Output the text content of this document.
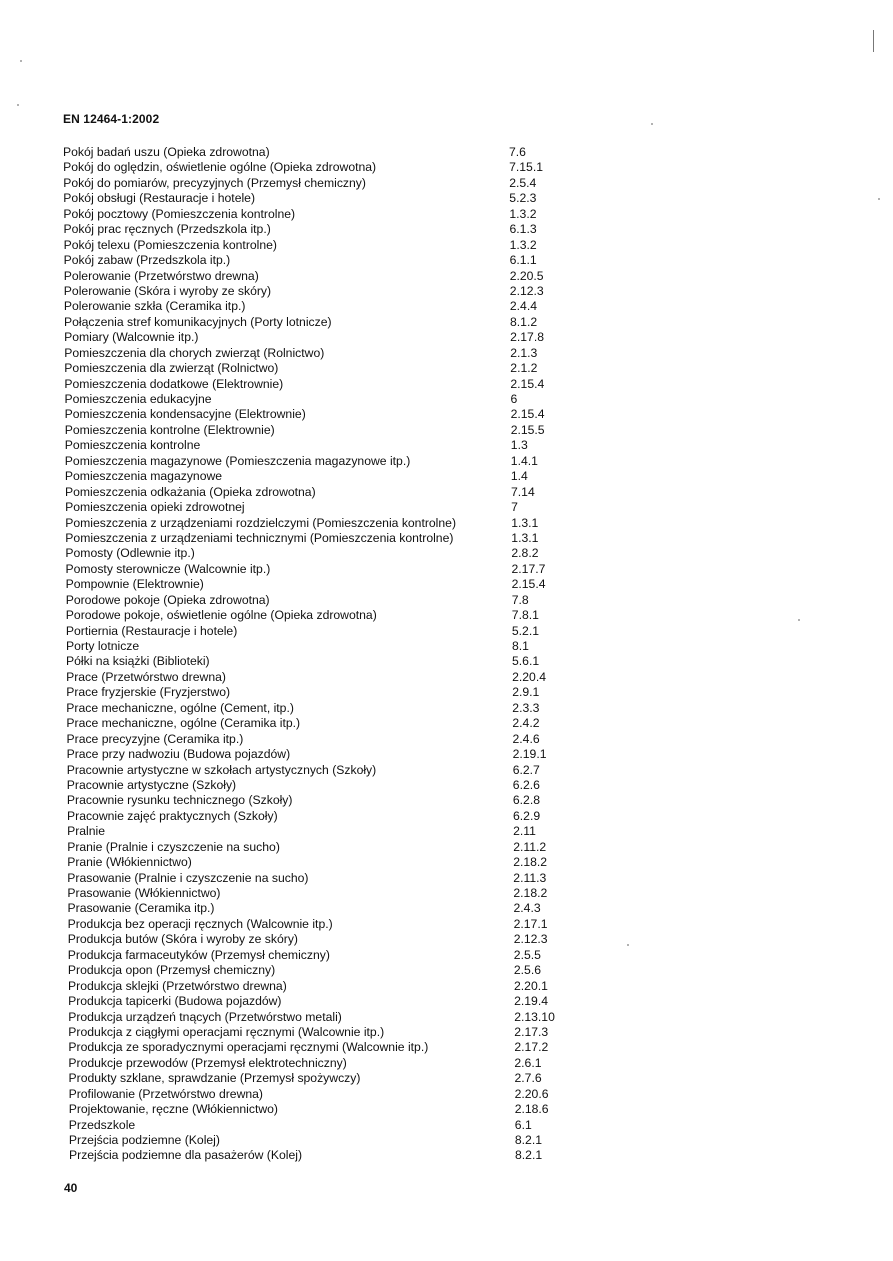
EN 12464-1:2002
Pokój badań uszu (Opieka zdrowotna)	7.6
Pokój do oględzin, oświetlenie ogólne (Opieka zdrowotna)	7.15.1
Pokój do pomiarów, precyzyjnych (Przemysł chemiczny)	2.5.4
Pokój obsługi (Restauracje i hotele)	5.2.3
Pokój pocztowy (Pomieszczenia kontrolne)	1.3.2
Pokój prac ręcznych (Przedszkola itp.)	6.1.3
Pokój telexu (Pomieszczenia kontrolne)	1.3.2
Pokój zabaw (Przedszkola itp.)	6.1.1
Polerowanie (Przetwórstwo drewna)	2.20.5
Polerowanie (Skóra i wyroby ze skóry)	2.12.3
Polerowanie szkła (Ceramika itp.)	2.4.4
Połączenia stref komunikacyjnych (Porty lotnicze)	8.1.2
Pomiary (Walcownie itp.)	2.17.8
Pomieszczenia dla chorych zwierząt (Rolnictwo)	2.1.3
Pomieszczenia dla zwierząt (Rolnictwo)	2.1.2
Pomieszczenia dodatkowe (Elektrownie)	2.15.4
Pomieszczenia edukacyjne	6
Pomieszczenia kondensacyjne (Elektrownie)	2.15.4
Pomieszczenia kontrolne (Elektrownie)	2.15.5
Pomieszczenia kontrolne	1.3
Pomieszczenia magazynowe (Pomieszczenia magazynowe itp.)	1.4.1
Pomieszczenia magazynowe	1.4
Pomieszczenia odkażania (Opieka zdrowotna)	7.14
Pomieszczenia opieki zdrowotnej	7
Pomieszczenia z urządzeniami rozdzielczymi (Pomieszczenia kontrolne)	1.3.1
Pomieszczenia z urządzeniami technicznymi (Pomieszczenia kontrolne)	1.3.1
Pomosty (Odlewnie itp.)	2.8.2
Pomosty sterownicze (Walcownie itp.)	2.17.7
Pompownie (Elektrownie)	2.15.4
Porodowe pokoje (Opieka zdrowotna)	7.8
Porodowe pokoje, oświetlenie ogólne (Opieka zdrowotna)	7.8.1
Portiernia (Restauracje i hotele)	5.2.1
Porty lotnicze	8.1
Półki na książki (Biblioteki)	5.6.1
Prace (Przetwórstwo drewna)	2.20.4
Prace fryzjerskie (Fryzjerstwo)	2.9.1
Prace mechaniczne, ogólne (Cement, itp.)	2.3.3
Prace mechaniczne, ogólne (Ceramika itp.)	2.4.2
Prace precyzyjne (Ceramika itp.)	2.4.6
Prace przy nadwoziu (Budowa pojazdów)	2.19.1
Pracownie artystyczne w szkołach artystycznych (Szkoły)	6.2.7
Pracownie artystyczne (Szkoły)	6.2.6
Pracownie rysunku technicznego (Szkoły)	6.2.8
Pracownie zajęć praktycznych (Szkoły)	6.2.9
Pralnie	2.11
Pranie (Pralnie i czyszczenie na sucho)	2.11.2
Pranie (Włókiennictwo)	2.18.2
Prasowanie (Pralnie i czyszczenie na sucho)	2.11.3
Prasowanie (Włókiennictwo)	2.18.2
Prasowanie (Ceramika itp.)	2.4.3
Produkcja bez operacji ręcznych (Walcownie itp.)	2.17.1
Produkcja butów (Skóra i wyroby ze skóry)	2.12.3
Produkcja farmaceutyków (Przemysł chemiczny)	2.5.5
Produkcja opon (Przemysł chemiczny)	2.5.6
Produkcja sklejki (Przetwórstwo drewna)	2.20.1
Produkcja tapicerki (Budowa pojazdów)	2.19.4
Produkcja urządzeń tnących (Przetwórstwo metali)	2.13.10
Produkcja z ciągłymi operacjami ręcznymi (Walcownie itp.)	2.17.3
Produkcja ze sporadycznymi operacjami ręcznymi (Walcownie itp.)	2.17.2
Produkcje przewodów (Przemysł elektrotechniczny)	2.6.1
Produkty szklane, sprawdzanie (Przemysł spożywczy)	2.7.6
Profilowanie (Przetwórstwo drewna)	2.20.6
Projektowanie, ręczne (Włókiennictwo)	2.18.6
Przedszkole	6.1
Przejścia podziemne (Kolej)	8.2.1
Przejścia podziemne dla pasażerów (Kolej)	8.2.1
40
